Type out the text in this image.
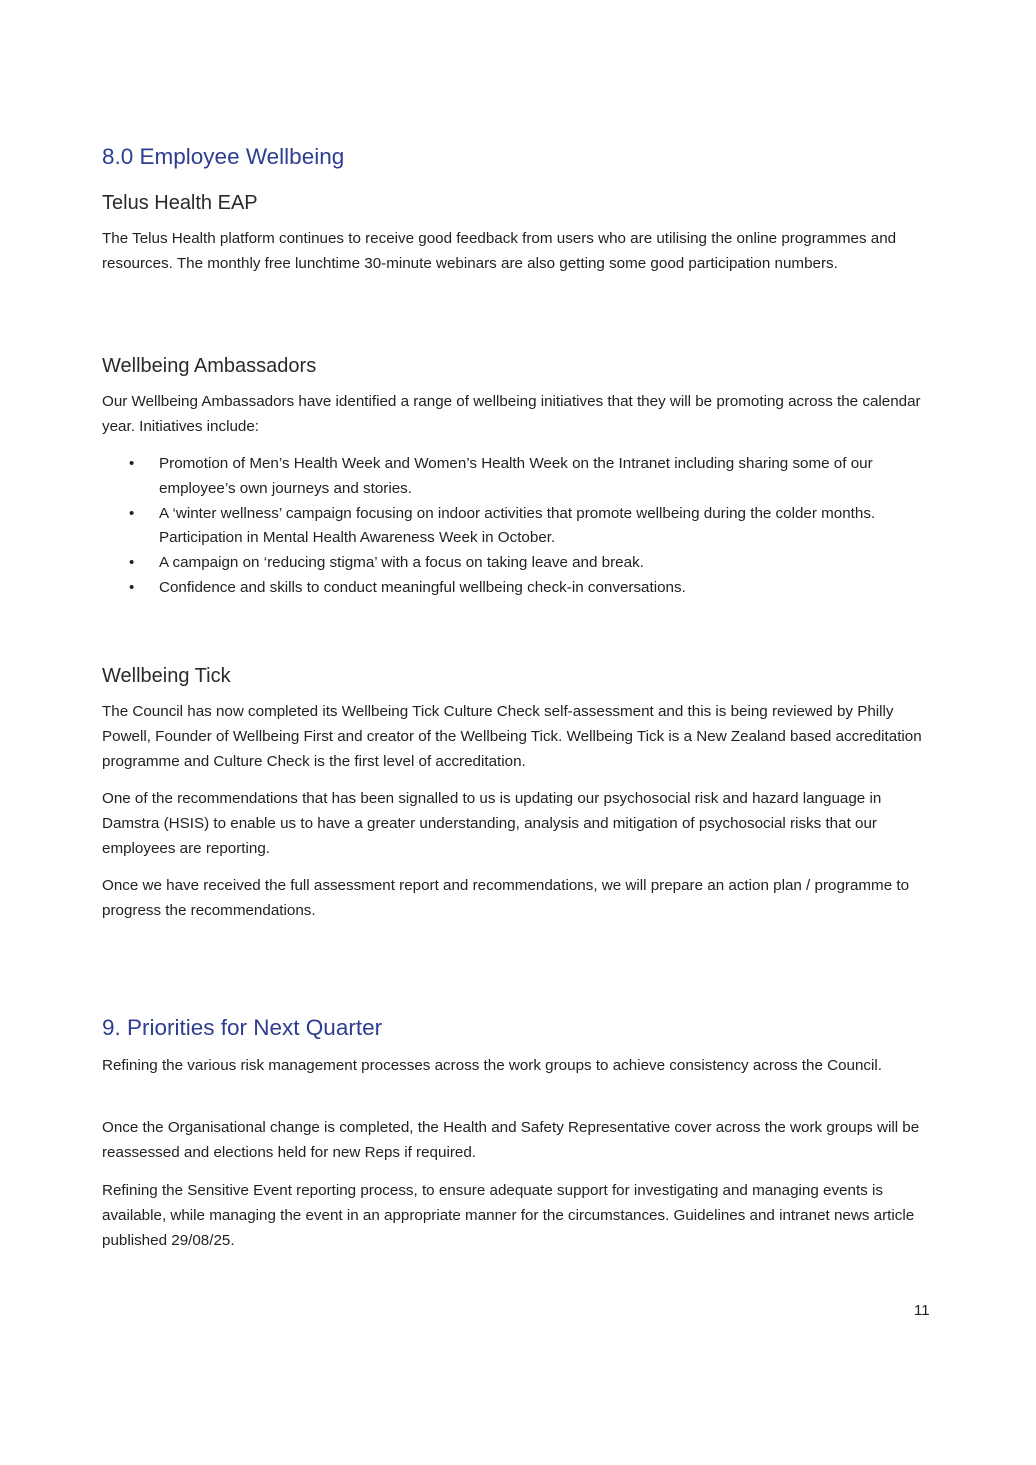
8.0 Employee Wellbeing
Telus Health EAP

The Telus Health platform continues to receive good feedback from users who are utilising the online programmes and resources. The monthly free lunchtime 30-minute webinars are also getting some good participation numbers.

Wellbeing Ambassadors

Our Wellbeing Ambassadors have identified a range of wellbeing initiatives that they will be promoting across the calendar year. Initiatives include:

• Promotion of Men’s Health Week and Women’s Health Week on the Intranet including sharing some of our employee’s own journeys and stories.
• A ‘winter wellness’ campaign focusing on indoor activities that promote wellbeing during the colder months. Participation in Mental Health Awareness Week in October.
• A campaign on ‘reducing stigma’ with a focus on taking leave and break.
• Confidence and skills to conduct meaningful wellbeing check-in conversations.
Wellbeing Tick

The Council has now completed its Wellbeing Tick Culture Check self-assessment and this is being reviewed by Philly Powell, Founder of Wellbeing First and creator of the Wellbeing Tick. Wellbeing Tick is a New Zealand based accreditation programme and Culture Check is the first level of accreditation.

One of the recommendations that has been signalled to us is updating our psychosocial risk and hazard language in Damstra (HSIS) to enable us to have a greater understanding, analysis and mitigation of psychosocial risks that our employees are reporting.

Once we have received the full assessment report and recommendations, we will prepare an action plan / programme to progress the recommendations.

9. Priorities for Next Quarter

Refining the various risk management processes across the work groups to achieve consistency across the Council.

Once the Organisational change is completed, the Health and Safety Representative cover across the work groups will be reassessed and elections held for new Reps if required.

Refining the Sensitive Event reporting process, to ensure adequate support for investigating and managing events is available, while managing the event in an appropriate manner for the circumstances. Guidelines and intranet news article published 29/08/25.

11
